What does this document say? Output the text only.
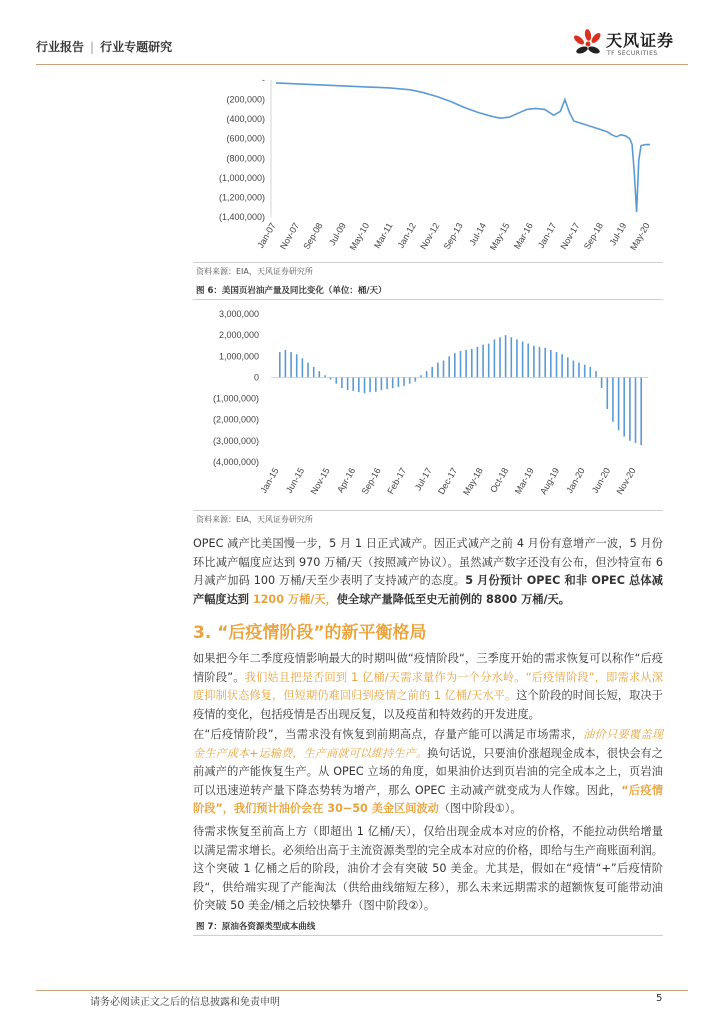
行业报告 | 行业专题研究	天风证券
TF SECURITIES
-
(200,000)
(400,000)
(600,000)
(800,000)
(1,000,000)
(1,200,000)
(1,400,000)
Jan-07 Nov-07 Sep-08 Jul-09 May-10 Mar-11 Jan-12 Nov-12 Sep-13 Jul-14 May-15 Mar-16 Jan-17 Nov-17 Sep-18 Jul-19 May-20
资料来源：EIA，天风证券研究所
图 6：美国页岩油产量及同比变化（单位：桶/天）
3,000,000
2,000,000
1,000,000
0
(1,000,000)
(2,000,000)
(3,000,000)
(4,000,000)
Jan-15 Jun-15 Nov-15 Apr-16 Sep-16 Feb-17 Jul-17 Dec-17 May-18 Oct-18 Mar-19 Aug-19 Jan-20 Jun-20 Nov-20
资料来源：EIA，天风证券研究所
OPEC 减产比美国慢一步，5 月 1 日正式减产。因正式减产之前 4 月份有意增产一波，5 月份环比减产幅度应达到 970 万桶/天（按照减产协议）。虽然减产数字还没有公布，但沙特宣布 6 月减产加码 100 万桶/天至少表明了支持减产的态度。5 月份预计 OPEC 和非 OPEC 总体减产幅度达到 1200 万桶/天，使全球产量降低至史无前例的 8800 万桶/天。
3. “后疫情阶段”的新平衡格局
如果把今年二季度疫情影响最大的时期叫做“疫情阶段“，三季度开始的需求恢复可以称作“后疫情阶段”。我们姑且把是否回到 1 亿桶/天需求量作为一个分水岭。“后疫情阶段”，即需求从深度抑制状态修复，但短期仍难回归到疫情之前的 1 亿桶/天水平。这个阶段的时间长短，取决于疫情的变化，包括疫情是否出现反复，以及疫苗和特效药的开发进度。
在“后疫情阶段”，当需求没有恢复到前期高点，存量产能可以满足市场需求，油价只要覆盖现金生产成本+运输费，生产商就可以维持生产。换句话说，只要油价涨超现金成本，很快会有之前减产的产能恢复生产。从 OPEC 立场的角度，如果油价达到页岩油的完全成本之上，页岩油可以迅速逆转产量下降态势转为增产，那么 OPEC 主动减产就变成为人作嫁。因此，“后疫情阶段”，我们预计油价会在 30−50 美金区间波动（图中阶段①）。
待需求恢复至前高上方（即超出 1 亿桶/天），仅给出现金成本对应的价格，不能拉动供给增量以满足需求增长。必须给出高于主流资源类型的完全成本对应的价格，即给与生产商账面利润。这个突破 1 亿桶之后的阶段，油价才会有突破 50 美金。尤其是，假如在“疫情“+”后疫情阶段“，供给端实现了产能淘汰（供给曲线缩短左移），那么未来远期需求的超额恢复可能带动油价突破 50 美金/桶之后较快攀升（图中阶段②）。
图 7：原油各资源类型成本曲线
请务必阅读正文之后的信息披露和免责申明	5
